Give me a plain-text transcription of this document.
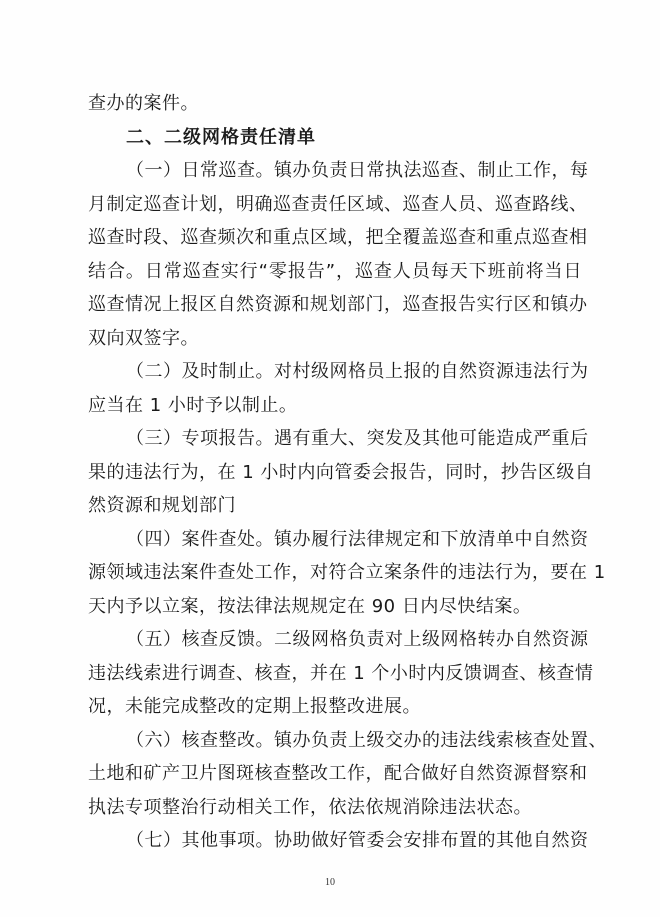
查办的案件。
二、二级网格责任清单
（一）日常巡查。镇办负责日常执法巡查、制止工作，每
月制定巡查计划，明确巡查责任区域、巡查人员、巡查路线、
巡查时段、巡查频次和重点区域，把全覆盖巡查和重点巡查相
结合。日常巡查实行“零报告”，巡查人员每天下班前将当日
巡查情况上报区自然资源和规划部门，巡查报告实行区和镇办
双向双签字。
（二）及时制止。对村级网格员上报的自然资源违法行为
应当在 1 小时予以制止。
（三）专项报告。遇有重大、突发及其他可能造成严重后
果的违法行为，在 1 小时内向管委会报告，同时，抄告区级自
然资源和规划部门
（四）案件查处。镇办履行法律规定和下放清单中自然资
源领域违法案件查处工作，对符合立案条件的违法行为，要在 1
天内予以立案，按法律法规规定在 90 日内尽快结案。
（五）核查反馈。二级网格负责对上级网格转办自然资源
违法线索进行调查、核查，并在 1 个小时内反馈调查、核查情
况，未能完成整改的定期上报整改进展。
（六）核查整改。镇办负责上级交办的违法线索核查处置、
土地和矿产卫片图斑核查整改工作，配合做好自然资源督察和
执法专项整治行动相关工作，依法依规消除违法状态。
（七）其他事项。协助做好管委会安排布置的其他自然资
10
